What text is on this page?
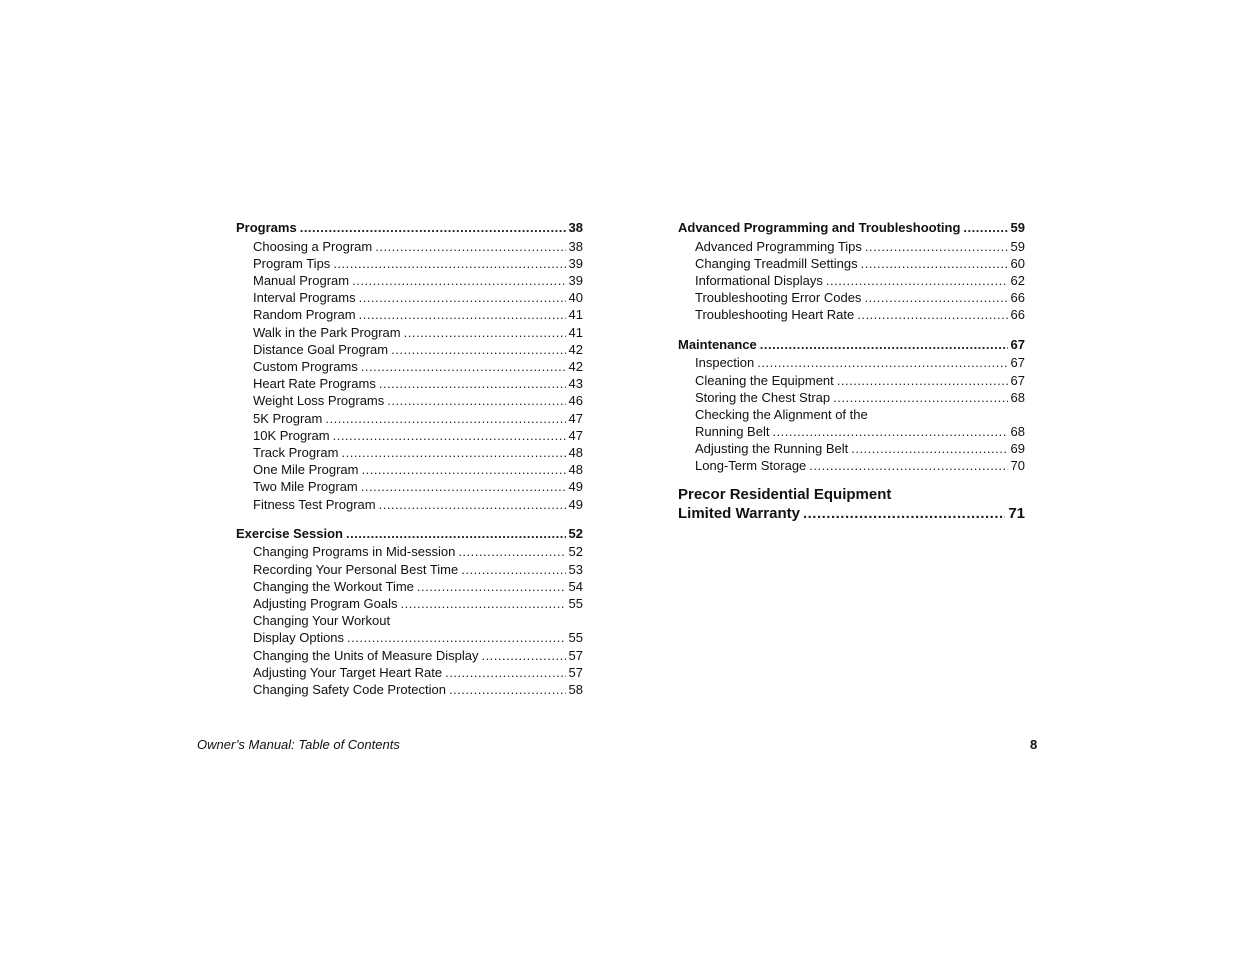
Programs .....	38
Choosing a Program .....	38
Program Tips .....	39
Manual Program .....	39
Interval Programs .....	40
Random Program .....	41
Walk in the Park Program .....	41
Distance Goal Program .....	42
Custom Programs .....	42
Heart Rate Programs .....	43
Weight Loss Programs .....	46
5K Program .....	47
10K Program .....	47
Track Program .....	48
One Mile Program .....	48
Two Mile Program .....	49
Fitness Test Program .....	49
Exercise Session .....	52
Changing Programs in Mid-session .....	52
Recording Your Personal Best Time .....	53
Changing the Workout Time .....	54
Adjusting Program Goals .....	55
Changing Your Workout
Display Options .....	55
Changing the Units of Measure Display .....	57
Adjusting Your Target Heart Rate .....	57
Changing Safety Code Protection .....	58
Advanced Programming and Troubleshooting .....	59
Advanced Programming Tips .....	59
Changing Treadmill Settings .....	60
Informational Displays .....	62
Troubleshooting Error Codes .....	66
Troubleshooting Heart Rate .....	66
Maintenance .....	67
Inspection .....	67
Cleaning the Equipment .....	67
Storing the Chest Strap .....	68
Checking the Alignment of the
Running Belt .....	68
Adjusting the Running Belt .....	69
Long-Term Storage .....	70
Precor Residential Equipment
Limited Warranty .....	71
Owner’s Manual: Table of Contents	8
